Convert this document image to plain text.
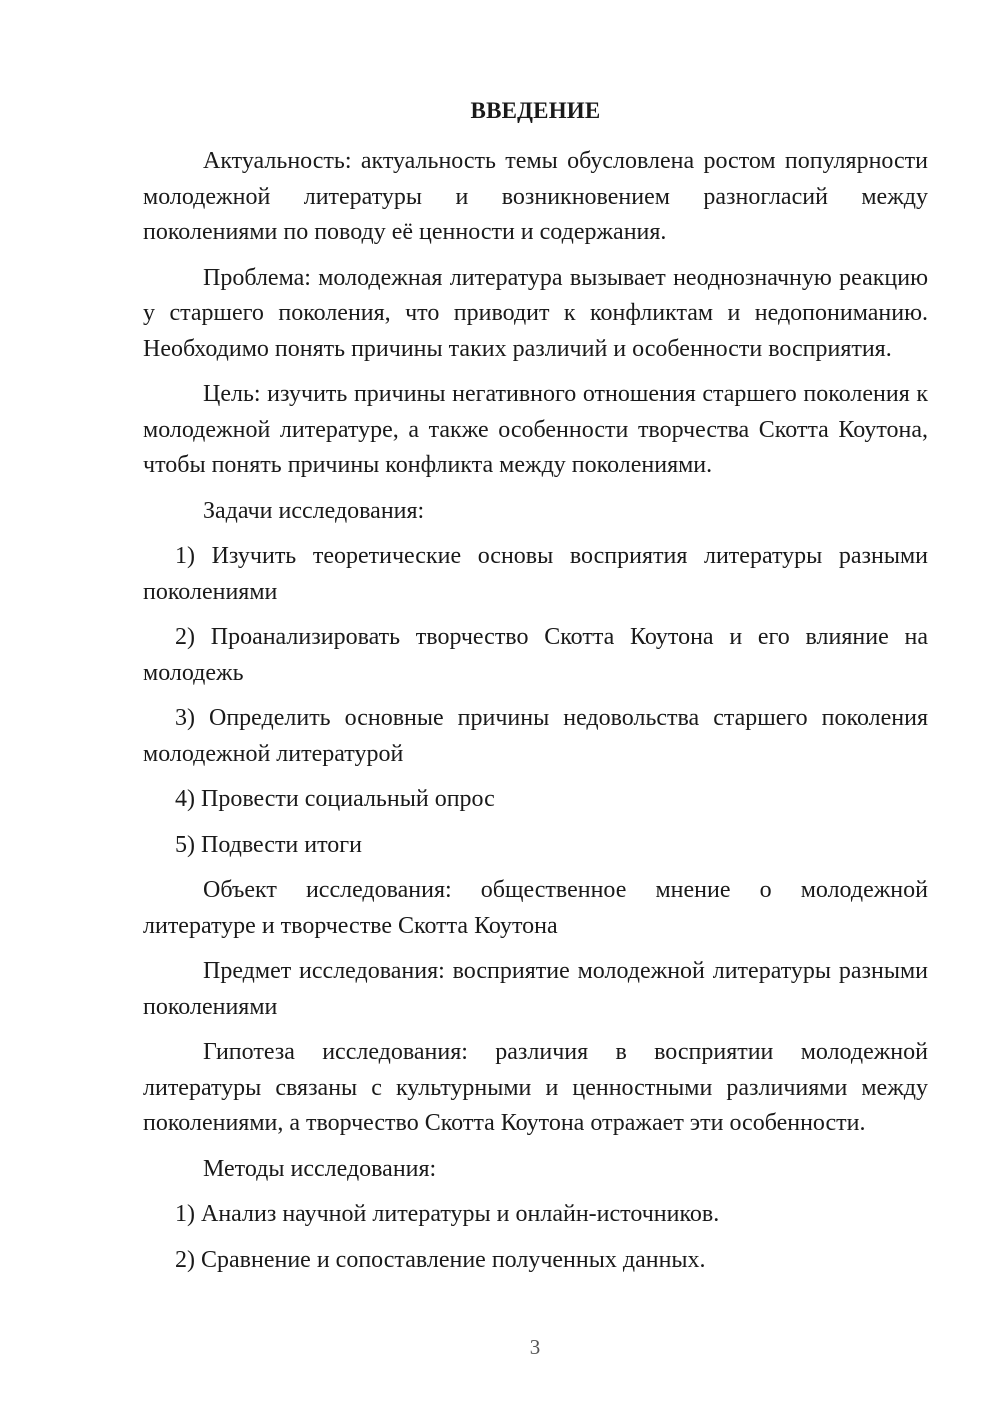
ВВЕДЕНИЕ

Актуальность: актуальность темы обусловлена ростом популярности молодежной литературы и возникновением разногласий между поколениями по поводу её ценности и содержания.

Проблема: молодежная литература вызывает неоднозначную реакцию у старшего поколения, что приводит к конфликтам и недопониманию. Необходимо понять причины таких различий и особенности восприятия.

Цель: изучить причины негативного отношения старшего поколения к молодежной литературе, а также особенности творчества Скотта Коутона, чтобы понять причины конфликта между поколениями.

Задачи исследования:

1) Изучить теоретические основы восприятия литературы разными поколениями

2) Проанализировать творчество Скотта Коутона и его влияние на молодежь

3) Определить основные причины недовольства старшего поколения молодежной литературой

4) Провести социальный опрос

5) Подвести итоги

Объект исследования: общественное мнение о молодежной литературе и творчестве Скотта Коутона

Предмет исследования: восприятие молодежной литературы разными поколениями

Гипотеза исследования: различия в восприятии молодежной литературы связаны с культурными и ценностными различиями между поколениями, а творчество Скотта Коутона отражает эти особенности.

Методы исследования:

1) Анализ научной литературы и онлайн-источников.

2) Сравнение и сопоставление полученных данных.

3
